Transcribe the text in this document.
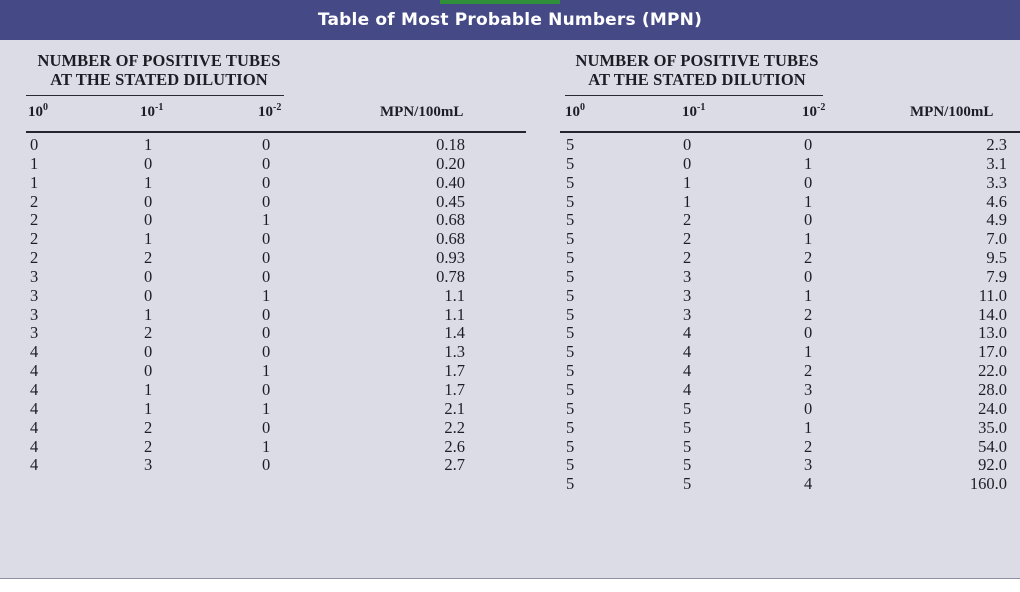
Table of Most Probable Numbers (MPN)
NUMBER OF POSITIVE TUBES
AT THE STATED DILUTION
$10^0$	$10^{-1}$	$10^{-2}$	MPN/100mL
0	1	0	0.18
1	0	0	0.20
1	1	0	0.40
2	0	0	0.45
2	0	1	0.68
2	1	0	0.68
2	2	0	0.93
3	0	0	0.78
3	0	1	1.1
3	1	0	1.1
3	2	0	1.4
4	0	0	1.3
4	0	1	1.7
4	1	0	1.7
4	1	1	2.1
4	2	0	2.2
4	2	1	2.6
4	3	0	2.7
NUMBER OF POSITIVE TUBES
AT THE STATED DILUTION
$10^0$	$10^{-1}$	$10^{-2}$	MPN/100mL
5	0	0	2.3
5	0	1	3.1
5	1	0	3.3
5	1	1	4.6
5	2	0	4.9
5	2	1	7.0
5	2	2	9.5
5	3	0	7.9
5	3	1	11.0
5	3	2	14.0
5	4	0	13.0
5	4	1	17.0
5	4	2	22.0
5	4	3	28.0
5	5	0	24.0
5	5	1	35.0
5	5	2	54.0
5	5	3	92.0
5	5	4	160.0
